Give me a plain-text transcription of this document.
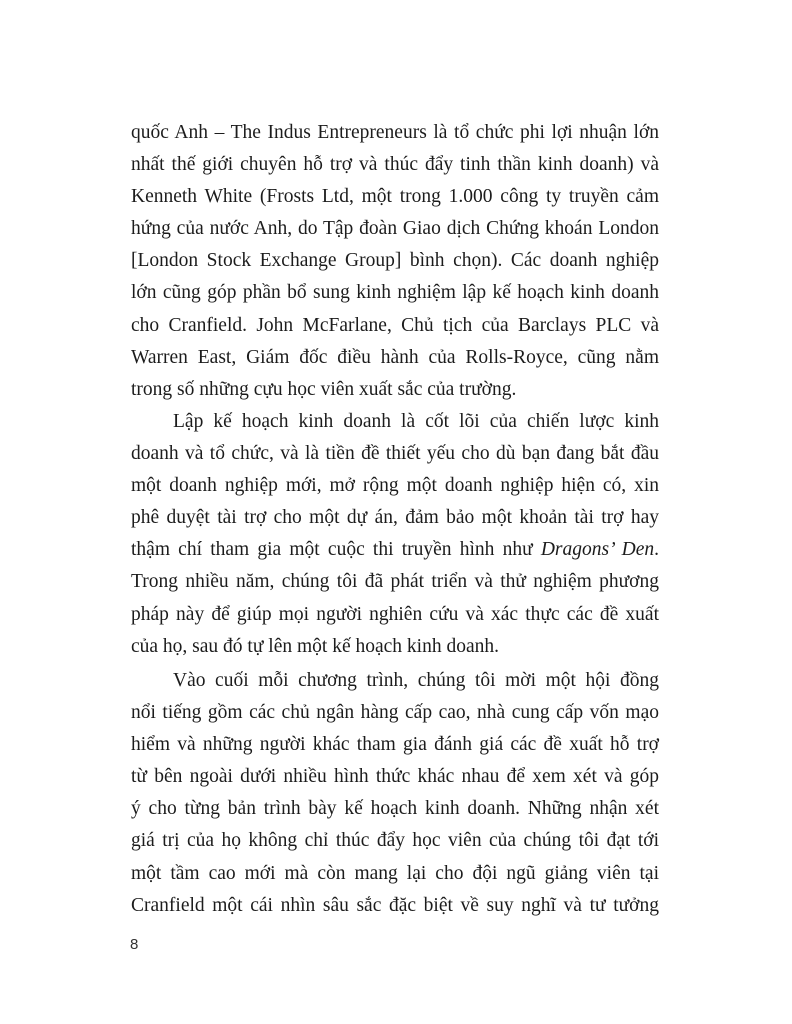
quốc Anh – The Indus Entrepreneurs là tổ chức phi lợi nhuận lớn
nhất thế giới chuyên hỗ trợ và thúc đẩy tinh thần kinh doanh) và
Kenneth White (Frosts Ltd, một trong 1.000 công ty truyền cảm
hứng của nước Anh, do Tập đoàn Giao dịch Chứng khoán London
[London Stock Exchange Group] bình chọn). Các doanh nghiệp
lớn cũng góp phần bổ sung kinh nghiệm lập kế hoạch kinh doanh
cho Cranfield. John McFarlane, Chủ tịch của Barclays PLC và
Warren East, Giám đốc điều hành của Rolls-Royce, cũng nằm
trong số những cựu học viên xuất sắc của trường.
Lập kế hoạch kinh doanh là cốt lõi của chiến lược kinh
doanh và tổ chức, và là tiền đề thiết yếu cho dù bạn đang bắt đầu
một doanh nghiệp mới, mở rộng một doanh nghiệp hiện có, xin
phê duyệt tài trợ cho một dự án, đảm bảo một khoản tài trợ hay
thậm chí tham gia một cuộc thi truyền hình như Dragons’ Den.
Trong nhiều năm, chúng tôi đã phát triển và thử nghiệm phương
pháp này để giúp mọi người nghiên cứu và xác thực các đề xuất
của họ, sau đó tự lên một kế hoạch kinh doanh.
Vào cuối mỗi chương trình, chúng tôi mời một hội đồng
nổi tiếng gồm các chủ ngân hàng cấp cao, nhà cung cấp vốn mạo
hiểm và những người khác tham gia đánh giá các đề xuất hỗ trợ
từ bên ngoài dưới nhiều hình thức khác nhau để xem xét và góp
ý cho từng bản trình bày kế hoạch kinh doanh. Những nhận xét
giá trị của họ không chỉ thúc đẩy học viên của chúng tôi đạt tới
một tầm cao mới mà còn mang lại cho đội ngũ giảng viên tại
Cranfield một cái nhìn sâu sắc đặc biệt về suy nghĩ và tư tưởng
8
